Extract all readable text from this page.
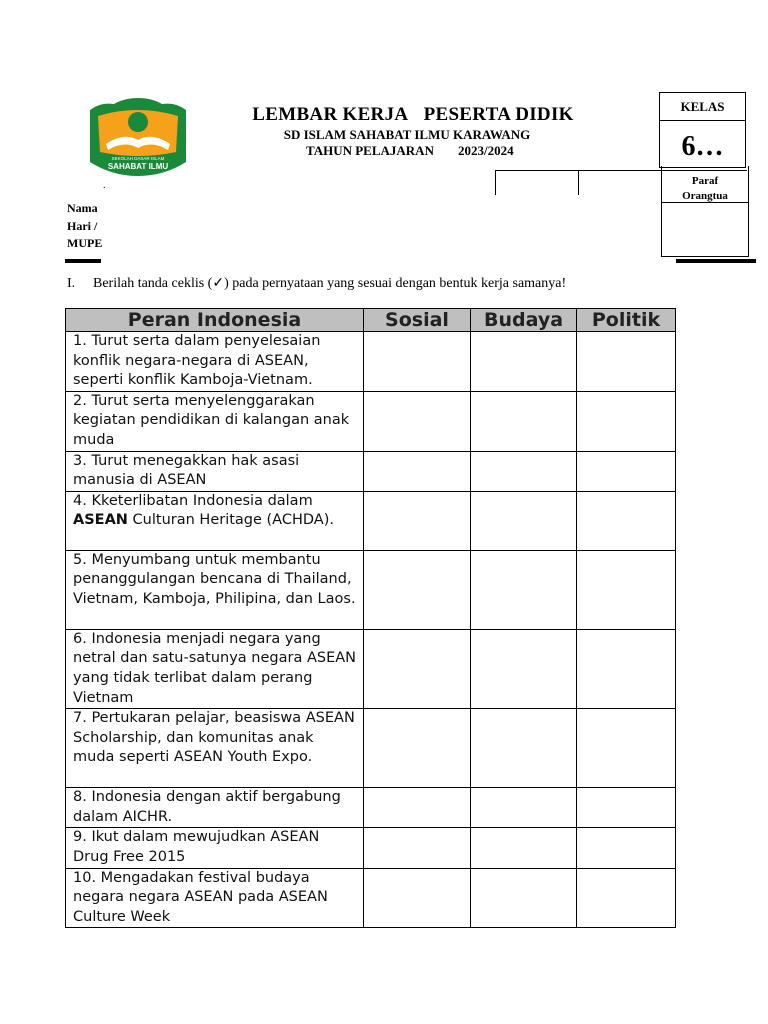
SEKOLAH DASAR ISLAM
SAHABAT ILMU
LEMBAR KERJA PESERTA DIDIK
SD ISLAM SAHABAT ILMU KARAWANG
TAHUN PELAJARAN 2023/2024
KELAS
6…
Paraf
Orangtua
.
Nama
Hari /
MUPE
I. Berilah tanda ceklis (✓) pada pernyataan yang sesuai dengan bentuk kerja samanya!
Peran Indonesia	Sosial	Budaya	Politik
1. Turut serta dalam penyelesaian konflik negara-negara di ASEAN, seperti konflik Kamboja-Vietnam.			
2. Turut serta menyelenggarakan kegiatan pendidikan di kalangan anak muda			
3. Turut menegakkan hak asasi manusia di ASEAN			
4. Kketerlibatan Indonesia dalam ASEAN Culturan Heritage (ACHDA).			
5. Menyumbang untuk membantu penanggulangan bencana di Thailand, Vietnam, Kamboja, Philipina, dan Laos.			
6. Indonesia menjadi negara yang netral dan satu-satunya negara ASEAN yang tidak terlibat dalam perang Vietnam			
7. Pertukaran pelajar, beasiswa ASEAN Scholarship, dan komunitas anak muda seperti ASEAN Youth Expo.			
8. Indonesia dengan aktif bergabung dalam AICHR.			
9. Ikut dalam mewujudkan ASEAN Drug Free 2015			
10. Mengadakan festival budaya negara negara ASEAN pada ASEAN Culture Week			
